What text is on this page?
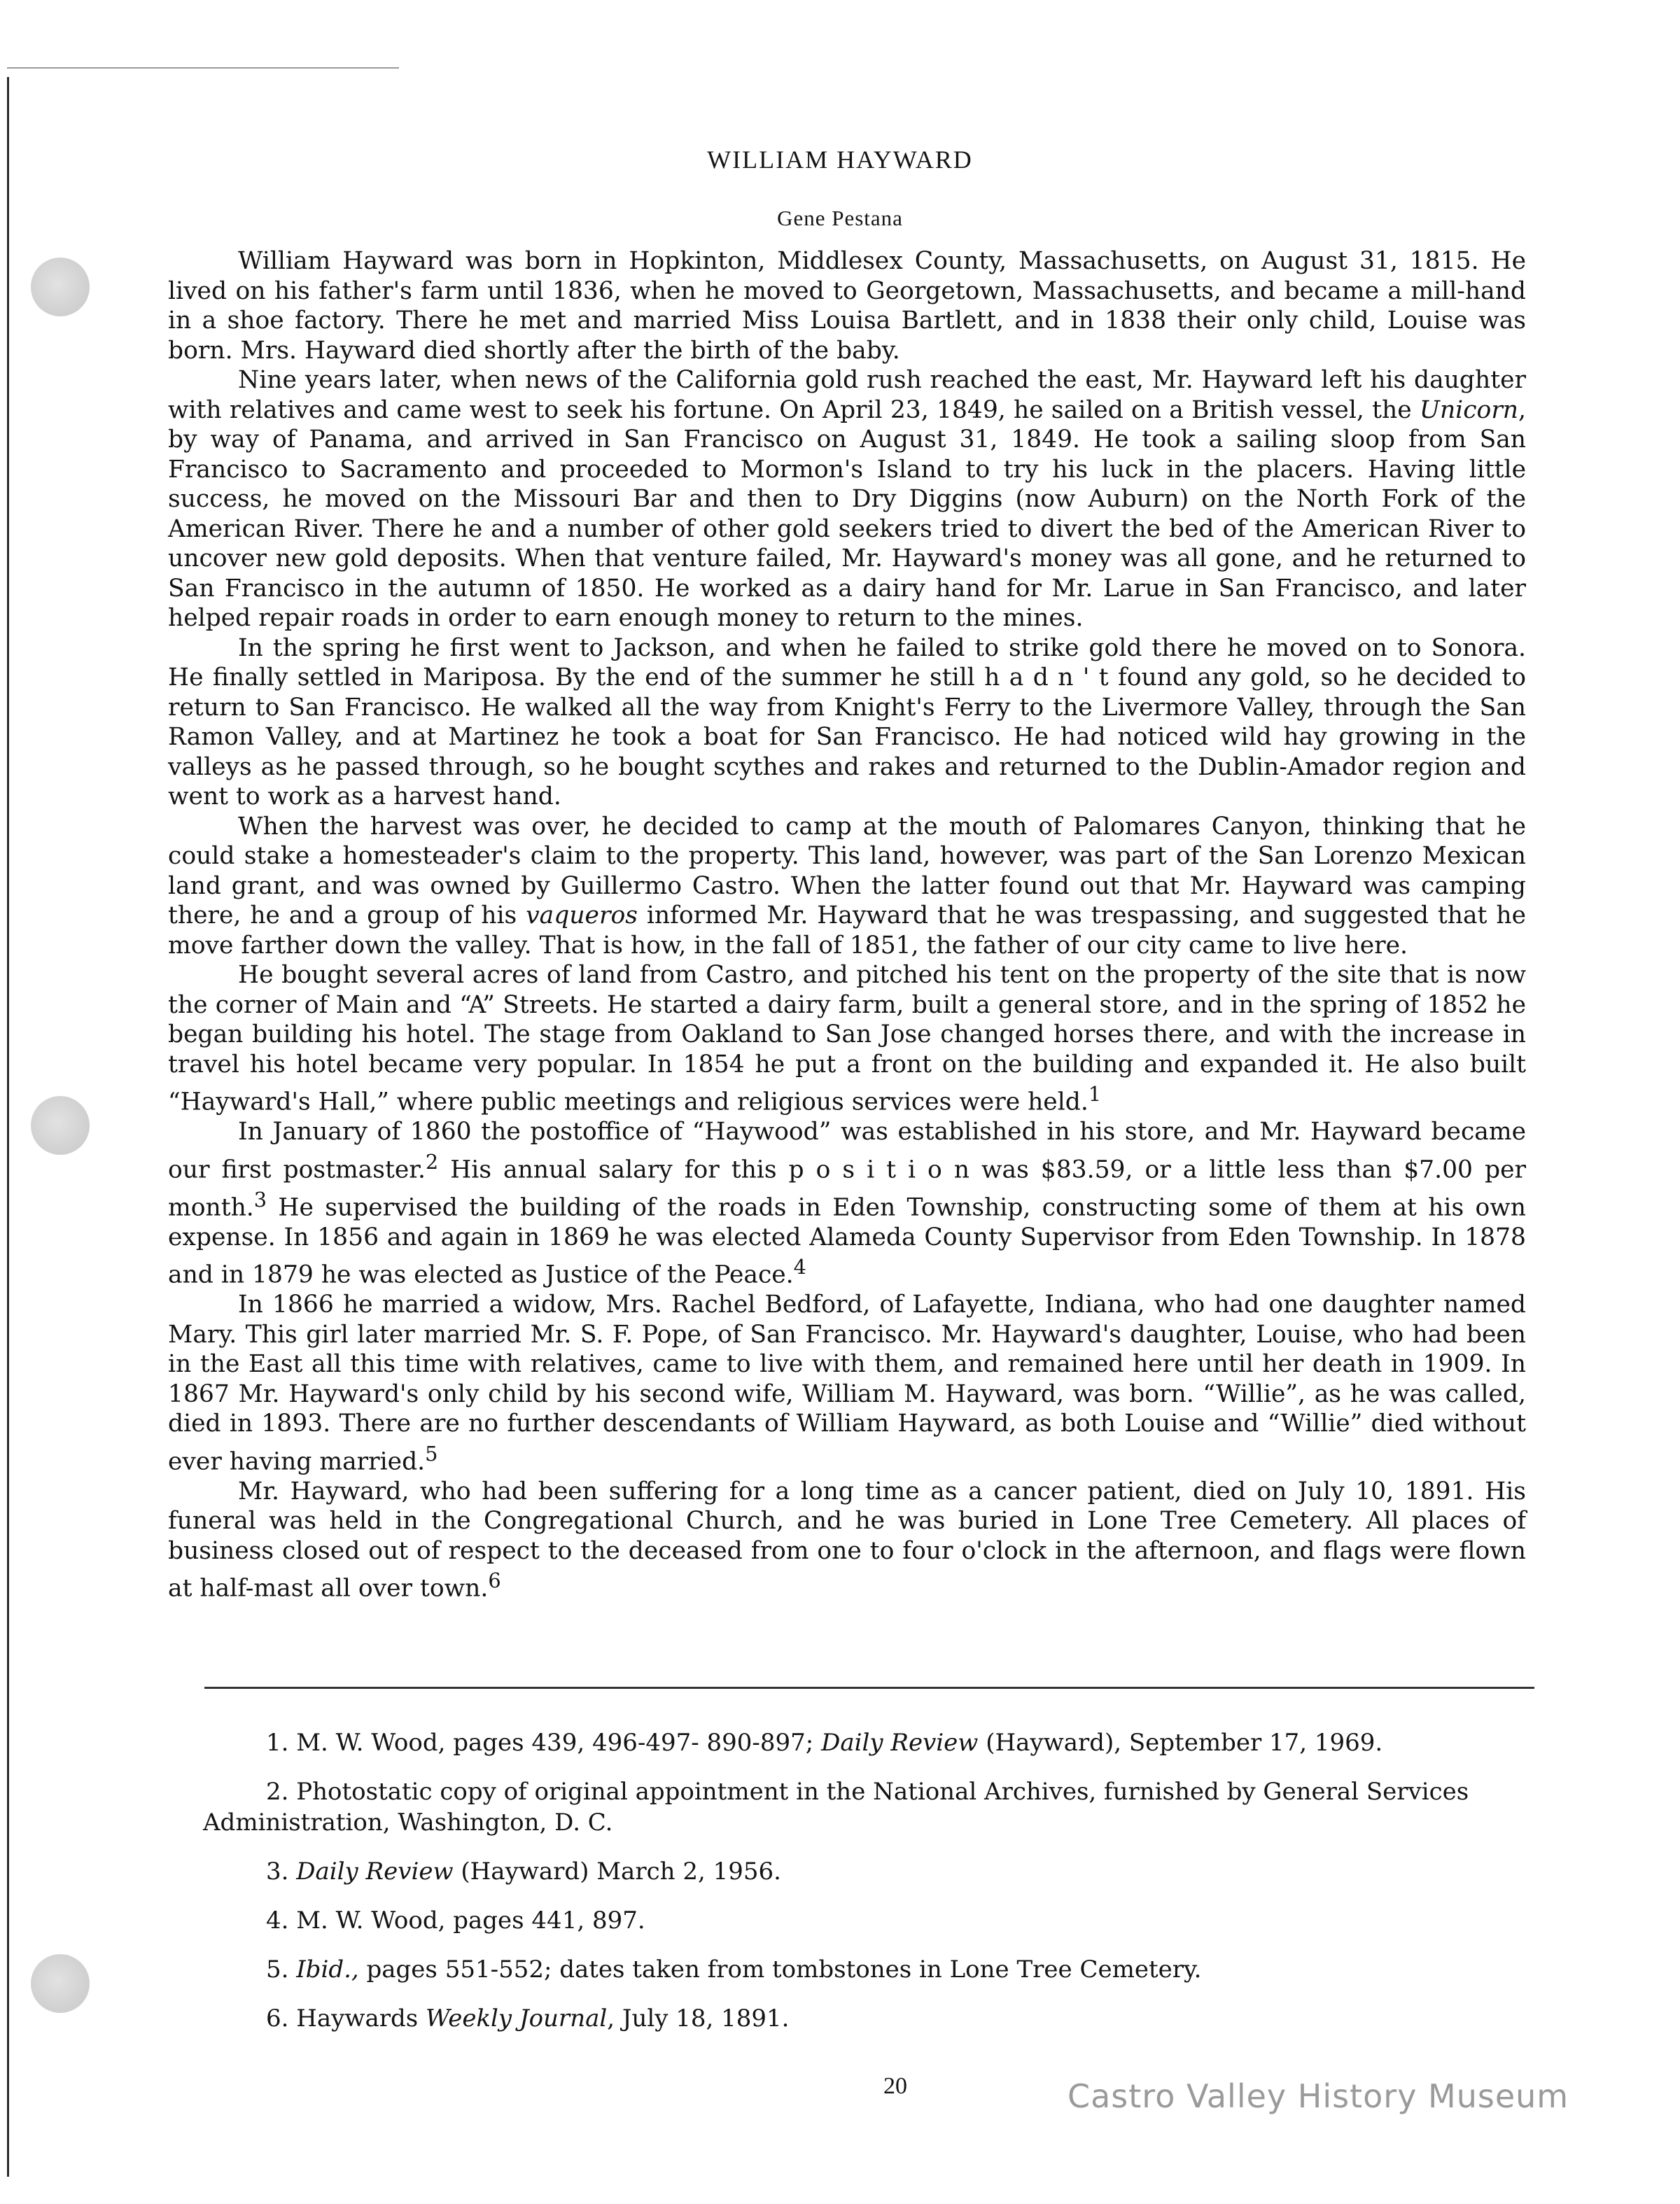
WILLIAM HAYWARD
Gene Pestana

William Hayward was born in Hopkinton, Middlesex County, Massachusetts, on August 31, 1815. He lived on his father's farm until 1836, when he moved to Georgetown, Massachusetts, and became a mill-hand in a shoe factory. There he met and married Miss Louisa Bartlett, and in 1838 their only child, Louise was born. Mrs. Hayward died shortly after the birth of the baby.

Nine years later, when news of the California gold rush reached the east, Mr. Hayward left his daughter with relatives and came west to seek his fortune. On April 23, 1849, he sailed on a British vessel, the Unicorn, by way of Panama, and arrived in San Francisco on August 31, 1849. He took a sailing sloop from San Francisco to Sacramento and proceeded to Mormon's Island to try his luck in the placers. Having little success, he moved on the Missouri Bar and then to Dry Diggins (now Auburn) on the North Fork of the American River. There he and a number of other gold seekers tried to divert the bed of the American River to uncover new gold deposits. When that venture failed, Mr. Hayward's money was all gone, and he returned to San Francisco in the autumn of 1850. He worked as a dairy hand for Mr. Larue in San Francisco, and later helped repair roads in order to earn enough money to return to the mines.

In the spring he first went to Jackson, and when he failed to strike gold there he moved on to Sonora. He finally settled in Mariposa. By the end of the summer he still h a d n ' t found any gold, so he decided to return to San Francisco. He walked all the way from Knight's Ferry to the Livermore Valley, through the San Ramon Valley, and at Martinez he took a boat for San Francisco. He had noticed wild hay growing in the valleys as he passed through, so he bought scythes and rakes and returned to the Dublin-Amador region and went to work as a harvest hand.

When the harvest was over, he decided to camp at the mouth of Palomares Canyon, thinking that he could stake a homesteader's claim to the property. This land, however, was part of the San Lorenzo Mexican land grant, and was owned by Guillermo Castro. When the latter found out that Mr. Hayward was camping there, he and a group of his vaqueros informed Mr. Hayward that he was trespassing, and suggested that he move farther down the valley. That is how, in the fall of 1851, the father of our city came to live here.

He bought several acres of land from Castro, and pitched his tent on the property of the site that is now the corner of Main and “A” Streets. He started a dairy farm, built a general store, and in the spring of 1852 he began building his hotel. The stage from Oakland to San Jose changed horses there, and with the increase in travel his hotel became very popular. In 1854 he put a front on the building and expanded it. He also built “Hayward's Hall,” where public meetings and religious services were held.$^1$

In January of 1860 the postoffice of “Haywood” was established in his store, and Mr. Hayward became our first postmaster.$^2$ His annual salary for this p o s i t i o n was $83.59, or a little less than $7.00 per month.$^3$ He supervised the building of the roads in Eden Township, constructing some of them at his own expense. In 1856 and again in 1869 he was elected Alameda County Supervisor from Eden Township. In 1878 and in 1879 he was elected as Justice of the Peace.$^4$

In 1866 he married a widow, Mrs. Rachel Bedford, of Lafayette, Indiana, who had one daughter named Mary. This girl later married Mr. S. F. Pope, of San Francisco. Mr. Hayward's daughter, Louise, who had been in the East all this time with relatives, came to live with them, and remained here until her death in 1909. In 1867 Mr. Hayward's only child by his second wife, William M. Hayward, was born. “Willie”, as he was called, died in 1893. There are no further descendants of William Hayward, as both Louise and “Willie” died without ever having married.$^5$

Mr. Hayward, who had been suffering for a long time as a cancer patient, died on July 10, 1891. His funeral was held in the Congregational Church, and he was buried in Lone Tree Cemetery. All places of business closed out of respect to the deceased from one to four o'clock in the afternoon, and flags were flown at half-mast all over town.$^6$

1. M. W. Wood, pages 439, 496-497- 890-897; Daily Review (Hayward), September 17, 1969.

2. Photostatic copy of original appointment in the National Archives, furnished by General Services Administration, Washington, D. C.

3. Daily Review (Hayward) March 2, 1956.

4. M. W. Wood, pages 441, 897.

5. Ibid., pages 551-552; dates taken from tombstones in Lone Tree Cemetery.

6. Haywards Weekly Journal, July 18, 1891.

20	Castro Valley History Museum
